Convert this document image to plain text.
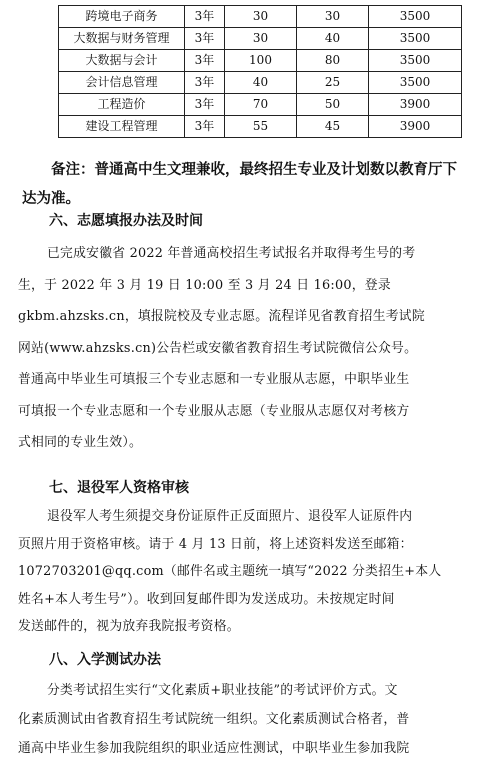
跨境电子商务	3年	30	30	3500
大数据与财务管理	3年	30	40	3500
大数据与会计	3年	100	80	3500
会计信息管理	3年	40	25	3500
工程造价	3年	70	50	3900
建设工程管理	3年	55	45	3900
备注：普通高中生文理兼收，最终招生专业及计划数以教育厅下达为准。
六、志愿填报办法及时间
已完成安徽省 2022 年普通高校招生考试报名并取得考生号的考
生，于 2022 年 3 月 19 日 10:00 至 3 月 24 日 16:00，登录
gkbm.ahzsks.cn，填报院校及专业志愿。流程详见省教育招生考试院
网站(www.ahzsks.cn)公告栏或安徽省教育招生考试院微信公众号。
普通高中毕业生可填报三个专业志愿和一专业服从志愿，中职毕业生
可填报一个专业志愿和一个专业服从志愿（专业服从志愿仅对考核方
式相同的专业生效）。
七、退役军人资格审核
退役军人考生须提交身份证原件正反面照片、退役军人证原件内
页照片用于资格审核。请于 4 月 13 日前，将上述资料发送至邮箱：
1072703201@qq.com（邮件名或主题统一填写“2022 分类招生+本人
姓名+本人考生号”）。收到回复邮件即为发送成功。未按规定时间
发送邮件的，视为放弃我院报考资格。
八、入学测试办法
分类考试招生实行“文化素质+职业技能”的考试评价方式。文
化素质测试由省教育招生考试院统一组织。文化素质测试合格者，普
通高中毕业生参加我院组织的职业适应性测试，中职毕业生参加我院
